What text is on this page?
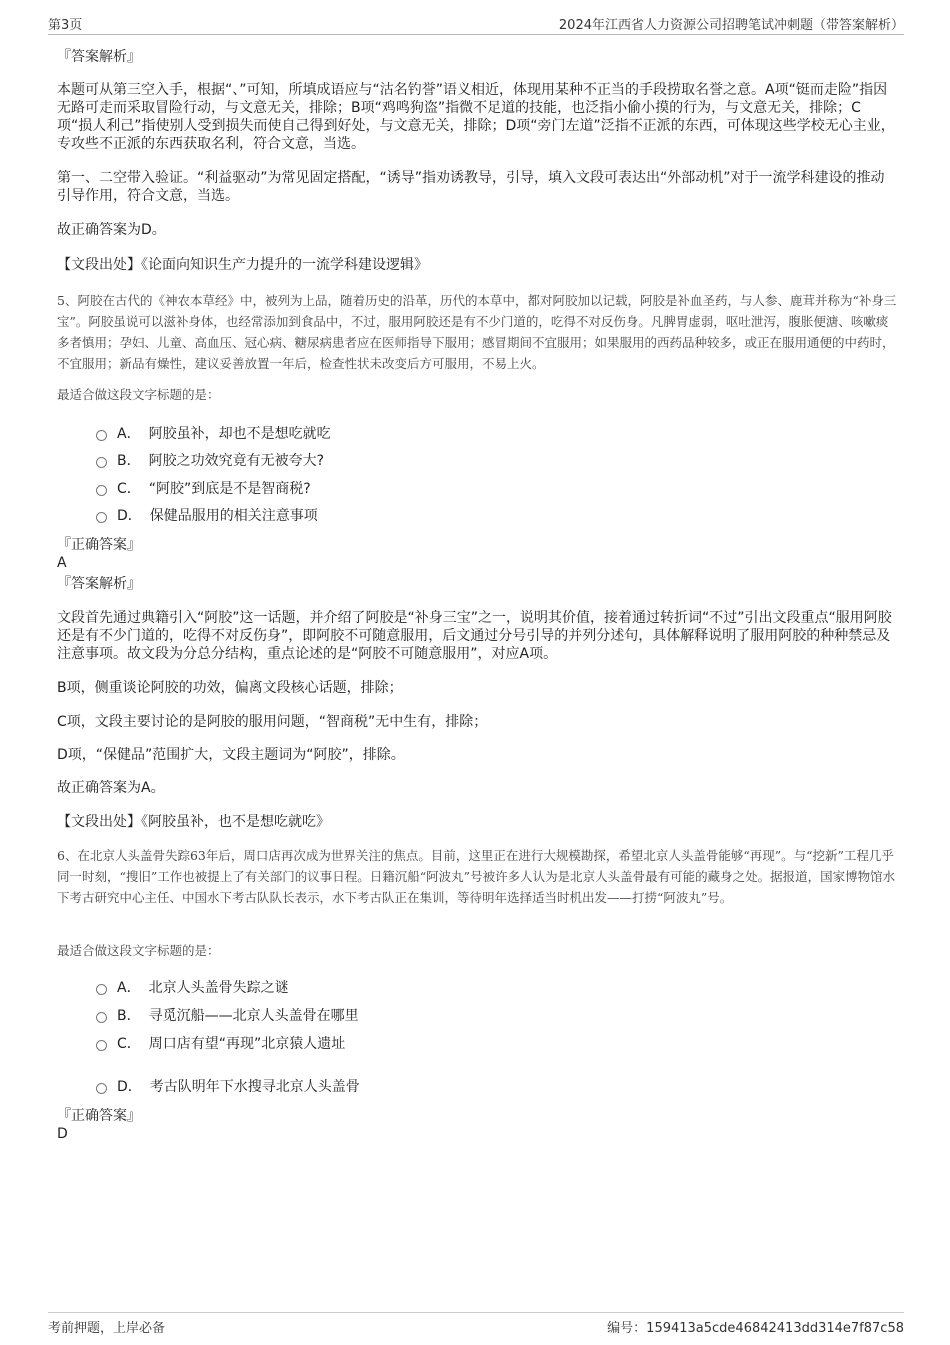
第3页	2024年江西省人力资源公司招聘笔试冲刺题（带答案解析）
『答案解析』
本题可从第三空入手，根据“、”可知，所填成语应与“沽名钓誉”语义相近，体现用某种不正当的手段捞取名誉之意。A项“铤而走险”指因无路可走而采取冒险行动，与文意无关，排除；B项“鸡鸣狗盗”指微不足道的技能，也泛指小偷小摸的行为，与文意无关，排除；C项“损人利己”指使别人受到损失而使自己得到好处，与文意无关，排除；D项“旁门左道”泛指不正派的东西，可体现这些学校无心主业，专攻些不正派的东西获取名利，符合文意，当选。
第一、二空带入验证。“利益驱动”为常见固定搭配，“诱导”指劝诱教导，引导，填入文段可表达出“外部动机”对于一流学科建设的推动引导作用，符合文意，当选。
故正确答案为D。
【文段出处】《论面向知识生产力提升的一流学科建设逻辑》
5、阿胶在古代的《神农本草经》中，被列为上品，随着历史的沿革，历代的本草中，都对阿胶加以记载，阿胶是补血圣药，与人参、鹿茸并称为“补身三宝”。阿胶虽说可以滋补身体，也经常添加到食品中，不过，服用阿胶还是有不少门道的，吃得不对反伤身。凡脾胃虚弱，呕吐泄泻，腹胀便溏、咳嗽痰多者慎用；孕妇、儿童、高血压、冠心病、糖尿病患者应在医师指导下服用；感冒期间不宜服用；如果服用的西药品种较多，或正在服用通便的中药时，不宜服用；新品有燥性，建议妥善放置一年后，检查性状未改变后方可服用，不易上火。
最适合做这段文字标题的是：
A． 阿胶虽补，却也不是想吃就吃
B． 阿胶之功效究竟有无被夸大?
C． “阿胶”到底是不是智商税?
D． 保健品服用的相关注意事项
『正确答案』
A
『答案解析』
文段首先通过典籍引入“阿胶”这一话题，并介绍了阿胶是“补身三宝”之一，说明其价值，接着通过转折词“不过”引出文段重点“服用阿胶还是有不少门道的，吃得不对反伤身”，即阿胶不可随意服用，后文通过分号引导的并列分述句，具体解释说明了服用阿胶的种种禁忌及注意事项。故文段为分总分结构，重点论述的是“阿胶不可随意服用”，对应A项。
B项，侧重谈论阿胶的功效，偏离文段核心话题，排除；
C项，文段主要讨论的是阿胶的服用问题，“智商税”无中生有，排除；
D项，“保健品”范围扩大，文段主题词为“阿胶”，排除。
故正确答案为A。
【文段出处】《阿胶虽补，也不是想吃就吃》
6、在北京人头盖骨失踪63年后，周口店再次成为世界关注的焦点。目前，这里正在进行大规模勘探，希望北京人头盖骨能够“再现”。与“挖新”工程几乎同一时刻，“搜旧”工作也被提上了有关部门的议事日程。日籍沉船“阿波丸”号被许多人认为是北京人头盖骨最有可能的藏身之处。据报道，国家博物馆水下考古研究中心主任、中国水下考古队队长表示，水下考古队正在集训，等待明年选择适当时机出发——打捞“阿波丸”号。
最适合做这段文字标题的是：
A． 北京人头盖骨失踪之谜
B． 寻觅沉船——北京人头盖骨在哪里
C． 周口店有望“再现”北京猿人遗址
D． 考古队明年下水搜寻北京人头盖骨
『正确答案』
D
考前押题，上岸必备	编号：159413a5cde46842413dd314e7f87c58
